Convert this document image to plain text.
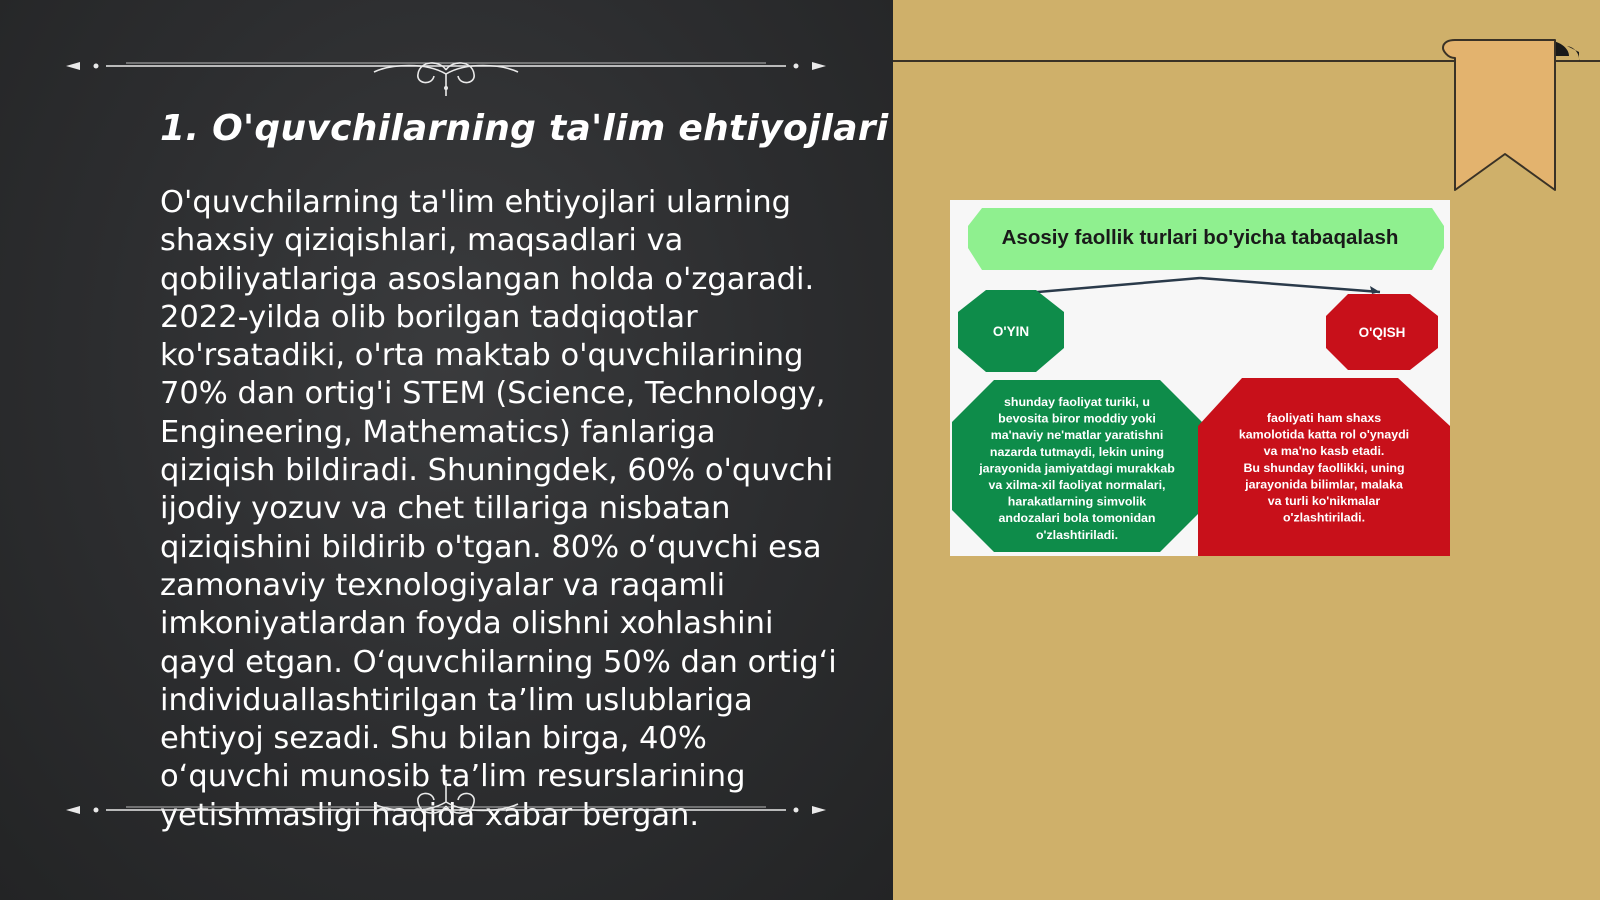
1. O'quvchilarning ta'lim ehtiyojlari

O'quvchilarning ta'lim ehtiyojlari ularning shaxsiy qiziqishlari, maqsadlari va qobiliyatlariga asoslangan holda o'zgaradi. 2022-yilda olib borilgan tadqiqotlar ko'rsatadiki, o'rta maktab o'quvchilarining 70% dan ortig'i STEM (Science, Technology, Engineering, Mathematics) fanlariga qiziqish bildiradi. Shuningdek, 60% o'quvchi ijodiy yozuv va chet tillariga nisbatan qiziqishini bildirib o'tgan. 80% o‘quvchi esa zamonaviy texnologiyalar va raqamli imkoniyatlardan foyda olishni xohlashini qayd etgan. O‘quvchilarning 50% dan ortig‘i individuallashtirilgan ta’lim uslublariga ehtiyoj sezadi. Shu bilan birga, 40% o‘quvchi munosib ta’lim resurslarining yetishmasligi haqida xabar bergan.

Asosiy faollik turlari bo'yicha tabaqalash
O'YIN	O'QISH
shunday faoliyat turiki, u bevosita biror moddiy yoki ma'naviy ne'matlar yaratishni nazarda tutmaydi, lekin uning jarayonida jamiyatdagi murakkab va xilma-xil faoliyat normalari, harakatlarning simvolik andozalari bola tomonidan o'zlashtiriladi.
faoliyati ham shaxs kamolotida katta rol o'ynaydi va ma'no kasb etadi. Bu shunday faollikki, uning jarayonida bilimlar, malaka va turli ko'nikmalar o'zlashtiriladi.
